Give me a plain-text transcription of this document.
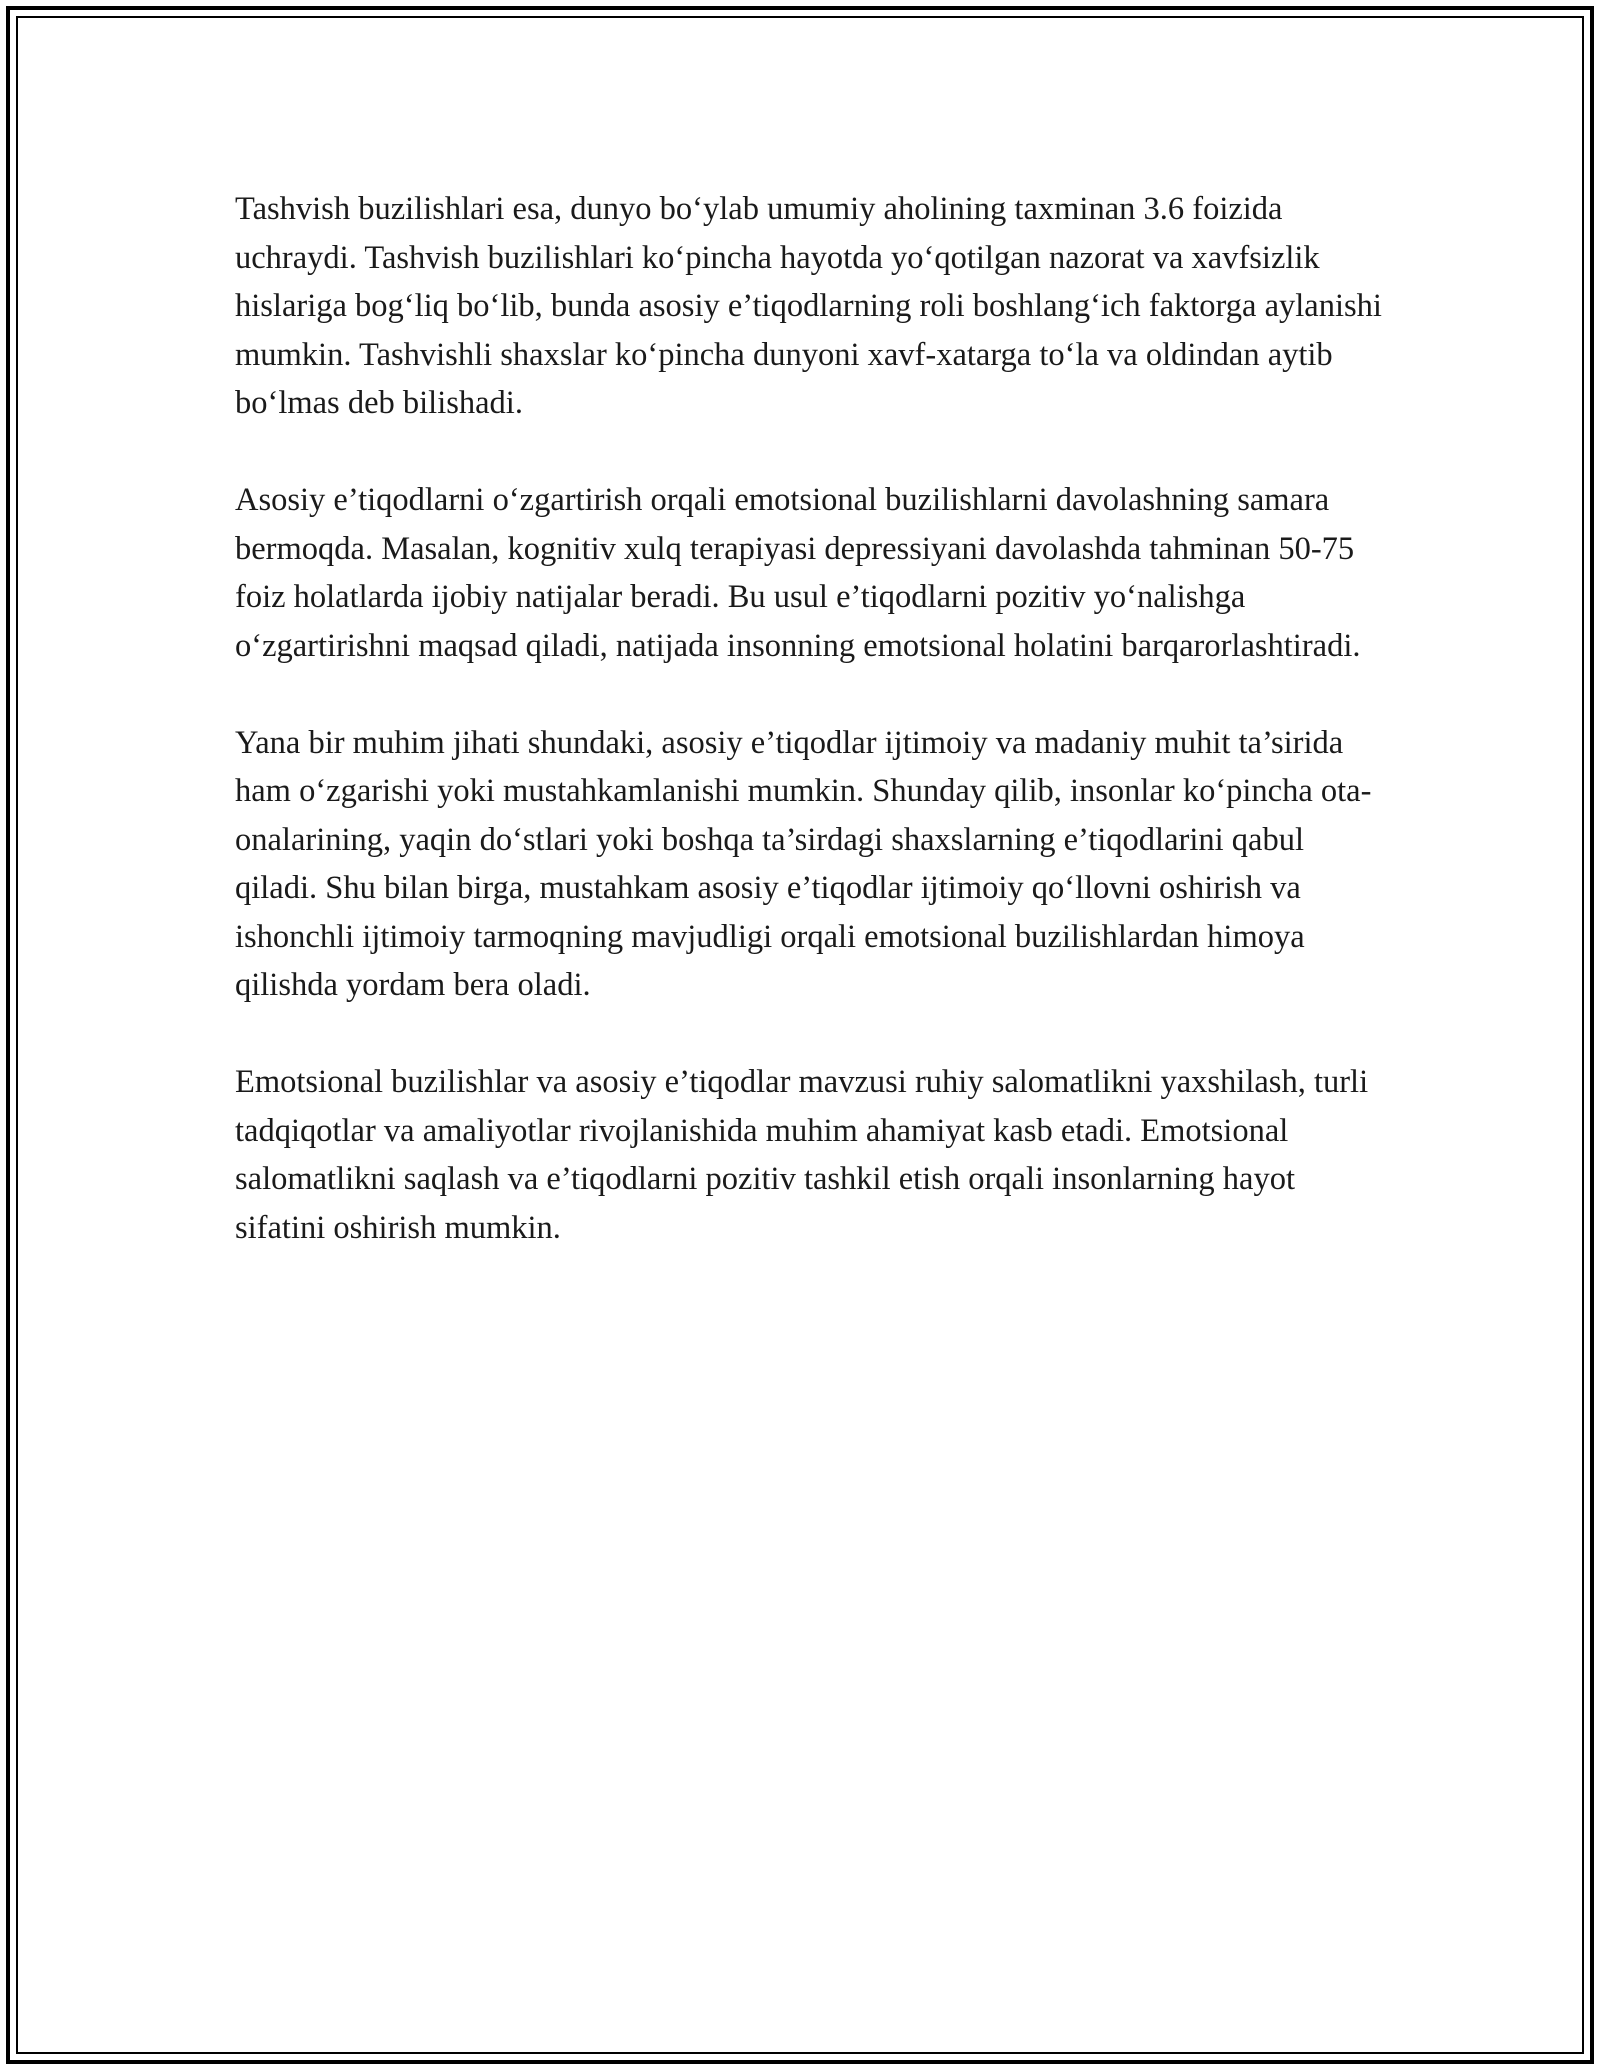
Tashvish buzilishlari esa, dunyo bo‘ylab umumiy aholining taxminan 3.6 foizida uchraydi. Tashvish buzilishlari ko‘pincha hayotda yo‘qotilgan nazorat va xavfsizlik hislariga bog‘liq bo‘lib, bunda asosiy e’tiqodlarning roli boshlang‘ich faktorga aylanishi mumkin. Tashvishli shaxslar ko‘pincha dunyoni xavf-xatarga to‘la va oldindan aytib bo‘lmas deb bilishadi.

Asosiy e’tiqodlarni o‘zgartirish orqali emotsional buzilishlarni davolashning samara bermoqda. Masalan, kognitiv xulq terapiyasi depressiyani davolashda tahminan 50-75 foiz holatlarda ijobiy natijalar beradi. Bu usul e’tiqodlarni pozitiv yo‘nalishga o‘zgartirishni maqsad qiladi, natijada insonning emotsional holatini barqarorlashtiradi.

Yana bir muhim jihati shundaki, asosiy e’tiqodlar ijtimoiy va madaniy muhit ta’sirida ham o‘zgarishi yoki mustahkamlanishi mumkin. Shunday qilib, insonlar ko‘pincha ota-onalarining, yaqin do‘stlari yoki boshqa ta’sirdagi shaxslarning e’tiqodlarini qabul qiladi. Shu bilan birga, mustahkam asosiy e’tiqodlar ijtimoiy qo‘llovni oshirish va ishonchli ijtimoiy tarmoqning mavjudligi orqali emotsional buzilishlardan himoya qilishda yordam bera oladi.

Emotsional buzilishlar va asosiy e’tiqodlar mavzusi ruhiy salomatlikni yaxshilash, turli tadqiqotlar va amaliyotlar rivojlanishida muhim ahamiyat kasb etadi. Emotsional salomatlikni saqlash va e’tiqodlarni pozitiv tashkil etish orqali insonlarning hayot sifatini oshirish mumkin.
